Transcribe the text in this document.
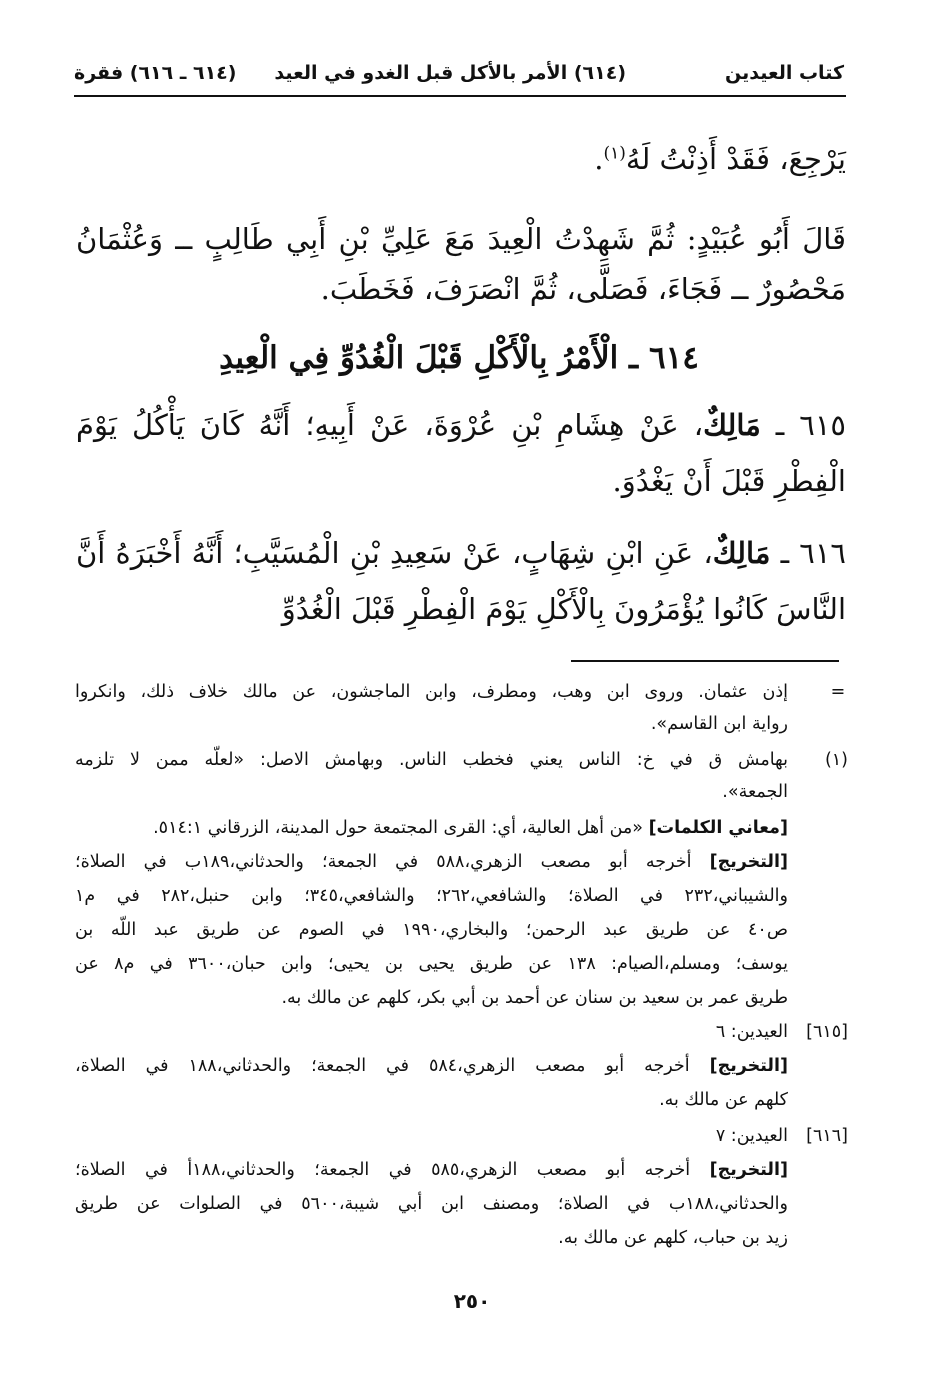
كتاب العيدين
(٦١٤) الأمر بالأكل قبل الغدو في العيد
(٦١٤ ـ ٦١٦) فقرة
يَرْجِعَ، فَقَدْ أَذِنْتُ لَهُ$^{(١)}$.
قَالَ أَبُو عُبَيْدٍ: ثُمَّ شَهِدْتُ الْعِيدَ مَعَ عَلِيِّ بْنِ أَبِي طَالِبٍ ــ وَعُثْمَانُ
مَحْصُورٌ ــ فَجَاءَ، فَصَلَّى، ثُمَّ انْصَرَفَ، فَخَطَبَ.
٦١٤ ـ الْأَمْرُ بِالْأَكْلِ قَبْلَ الْغُدُوِّ فِي الْعِيدِ
٦١٥ ـ مَالِكٌ، عَنْ هِشَامِ بْنِ عُرْوَةَ، عَنْ أَبِيهِ؛ أَنَّهُ كَانَ يَأْكُلُ يَوْمَ
الْفِطْرِ قَبْلَ أَنْ يَغْدُوَ.
٦١٦ ـ مَالِكٌ، عَنِ ابْنِ شِهَابٍ، عَنْ سَعِيدِ بْنِ الْمُسَيَّبِ؛ أَنَّهُ أَخْبَرَهُ أَنَّ
النَّاسَ كَانُوا يُؤْمَرُونَ بِالْأَكْلِ يَوْمَ الْفِطْرِ قَبْلَ الْغُدُوِّ
=
إذن عثمان. وروى ابن وهب، ومطرف، وابن الماجشون، عن مالك خلاف ذلك، وانكروا
رواية ابن القاسم».
(١)
بهامش ق في خ: الناس يعني فخطب الناس. وبهامش الاصل: «لعلّه ممن لا تلزمه
الجمعة».
[معاني الكلمات] «من أهل العالية، أي: القرى المجتمعة حول المدينة، الزرقاني ٥١٤:١.
[التخريج] أخرجه أبو مصعب الزهري،٥٨٨ في الجمعة؛ والحدثاني،١٨٩ب في الصلاة؛
والشيباني،٢٣٢ في الصلاة؛ والشافعي،٢٦٢؛ والشافعي،٣٤٥؛ وابن حنبل،٢٨٢ في م١
ص٤٠ عن طريق عبد الرحمن؛ والبخاري،١٩٩٠ في الصوم عن طريق عبد اللّه بن
يوسف؛ ومسلم،الصيام: ١٣٨ عن طريق يحيى بن يحيى؛ وابن حبان،٣٦٠٠ في م٨ عن
طريق عمر بن سعيد بن سنان عن أحمد بن أبي بكر، كلهم عن مالك به.
[٦١٥]
العيدين: ٦
[التخريج] أخرجه أبو مصعب الزهري،٥٨٤ في الجمعة؛ والحدثاني،١٨٨ في الصلاة،
كلهم عن مالك به.
[٦١٦]
العيدين: ٧
[التخريج] أخرجه أبو مصعب الزهري،٥٨٥ في الجمعة؛ والحدثاني،١٨٨أ في الصلاة؛
والحدثاني،١٨٨ب في الصلاة؛ ومصنف ابن أبي شيبة،٥٦٠٠ في الصلوات عن طريق
زيد بن حباب، كلهم عن مالك به.
٢٥٠
